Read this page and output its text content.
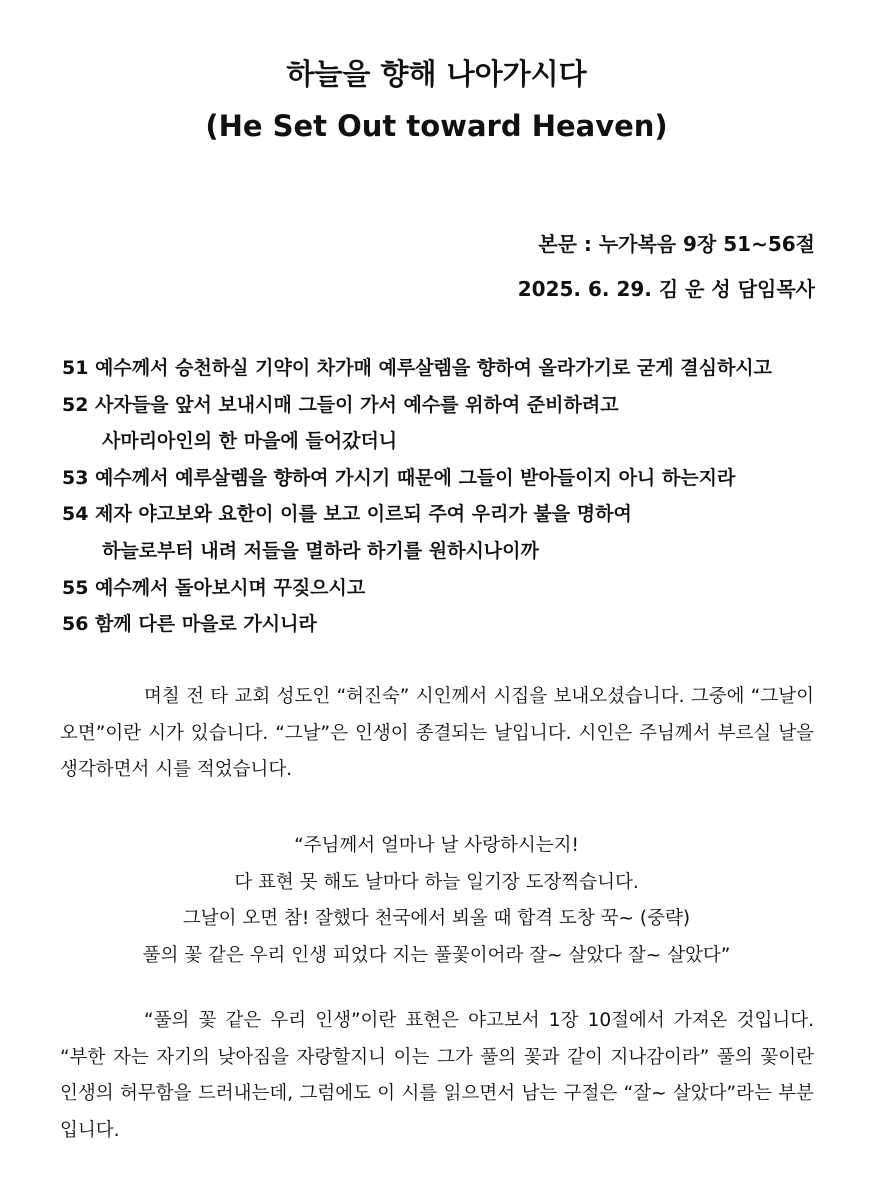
하늘을 향해 나아가시다
(He Set Out toward Heaven)
본문 : 누가복음 9장 51~56절
2025. 6. 29. 김 운 성 담임목사
51 예수께서 승천하실 기약이 차가매 예루살렘을 향하여 올라가기로 굳게 결심하시고
52 사자들을 앞서 보내시매 그들이 가서 예수를 위하여 준비하려고
사마리아인의 한 마을에 들어갔더니
53 예수께서 예루살렘을 향하여 가시기 때문에 그들이 받아들이지 아니 하는지라
54 제자 야고보와 요한이 이를 보고 이르되 주여 우리가 불을 명하여
하늘로부터 내려 저들을 멸하라 하기를 원하시나이까
55 예수께서 돌아보시며 꾸짖으시고
56 함께 다른 마을로 가시니라
며칠 전 타 교회 성도인 “허진숙” 시인께서 시집을 보내오셨습니다. 그중에 “그날이 오면”이란 시가 있습니다. “그날”은 인생이 종결되는 날입니다. 시인은 주님께서 부르실 날을 생각하면서 시를 적었습니다.
“주님께서 얼마나 날 사랑하시는지!
다 표현 못 해도 날마다 하늘 일기장 도장찍습니다.
그날이 오면 참! 잘했다 천국에서 뵈올 때 합격 도창 꾹~ (중략)
풀의 꽃 같은 우리 인생 피었다 지는 풀꽃이어라 잘~ 살았다 잘~ 살았다”
“풀의 꽃 같은 우리 인생”이란 표현은 야고보서 1장 10절에서 가져온 것입니다. “부한 자는 자기의 낮아짐을 자랑할지니 이는 그가 풀의 꽃과 같이 지나감이라” 풀의 꽃이란 인생의 허무함을 드러내는데, 그럼에도 이 시를 읽으면서 남는 구절은 “잘~ 살았다”라는 부분입니다.
